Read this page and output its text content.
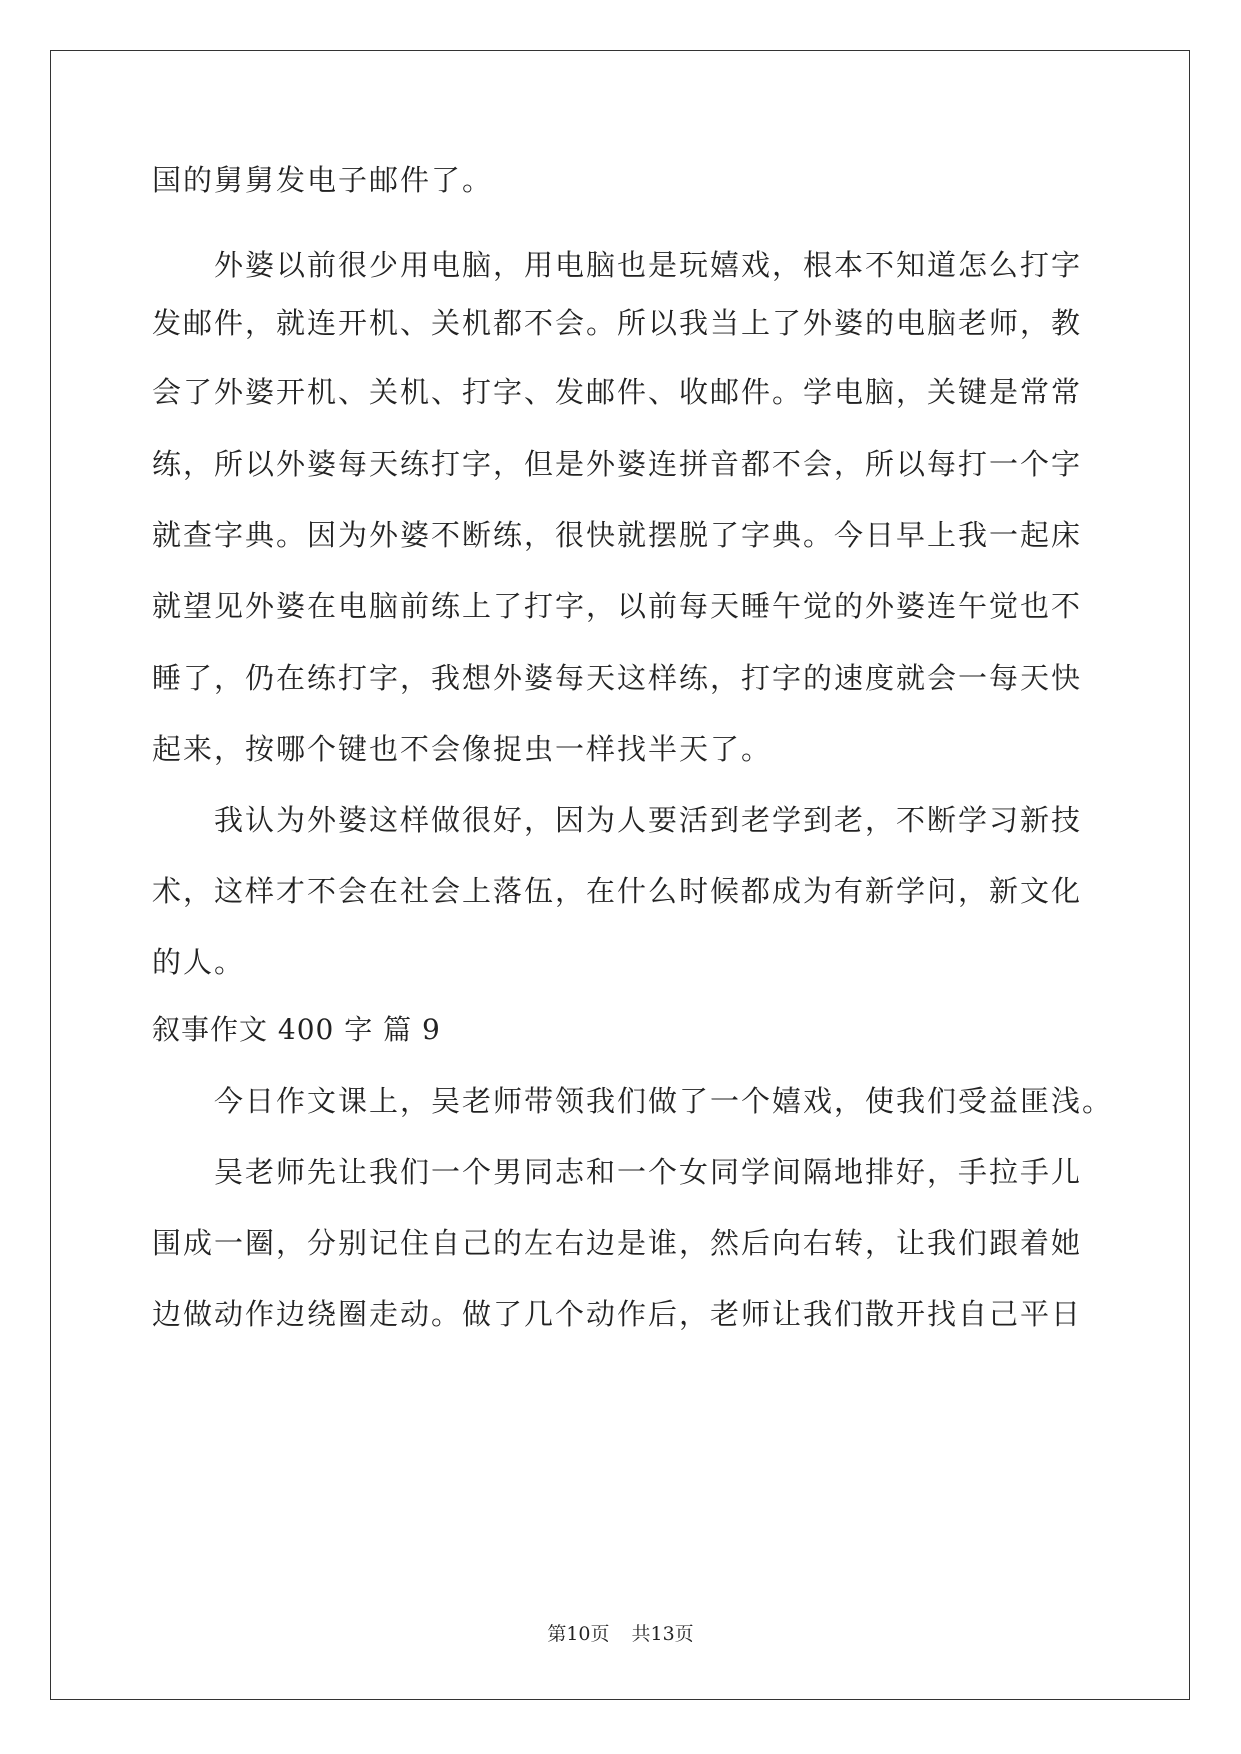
国的舅舅发电子邮件了。
外婆以前很少用电脑，用电脑也是玩嬉戏，根本不知道怎么打字
发邮件，就连开机、关机都不会。所以我当上了外婆的电脑老师，教
会了外婆开机、关机、打字、发邮件、收邮件。学电脑，关键是常常
练，所以外婆每天练打字，但是外婆连拼音都不会，所以每打一个字
就查字典。因为外婆不断练，很快就摆脱了字典。今日早上我一起床
就望见外婆在电脑前练上了打字，以前每天睡午觉的外婆连午觉也不
睡了，仍在练打字，我想外婆每天这样练，打字的速度就会一每天快
起来，按哪个键也不会像捉虫一样找半天了。
我认为外婆这样做很好，因为人要活到老学到老，不断学习新技
术，这样才不会在社会上落伍，在什么时候都成为有新学问，新文化
的人。
叙事作文 400 字 篇 9
今日作文课上，吴老师带领我们做了一个嬉戏，使我们受益匪浅。
吴老师先让我们一个男同志和一个女同学间隔地排好，手拉手儿
围成一圈，分别记住自己的左右边是谁，然后向右转，让我们跟着她
边做动作边绕圈走动。做了几个动作后，老师让我们散开找自己平日
第10页 共13页
